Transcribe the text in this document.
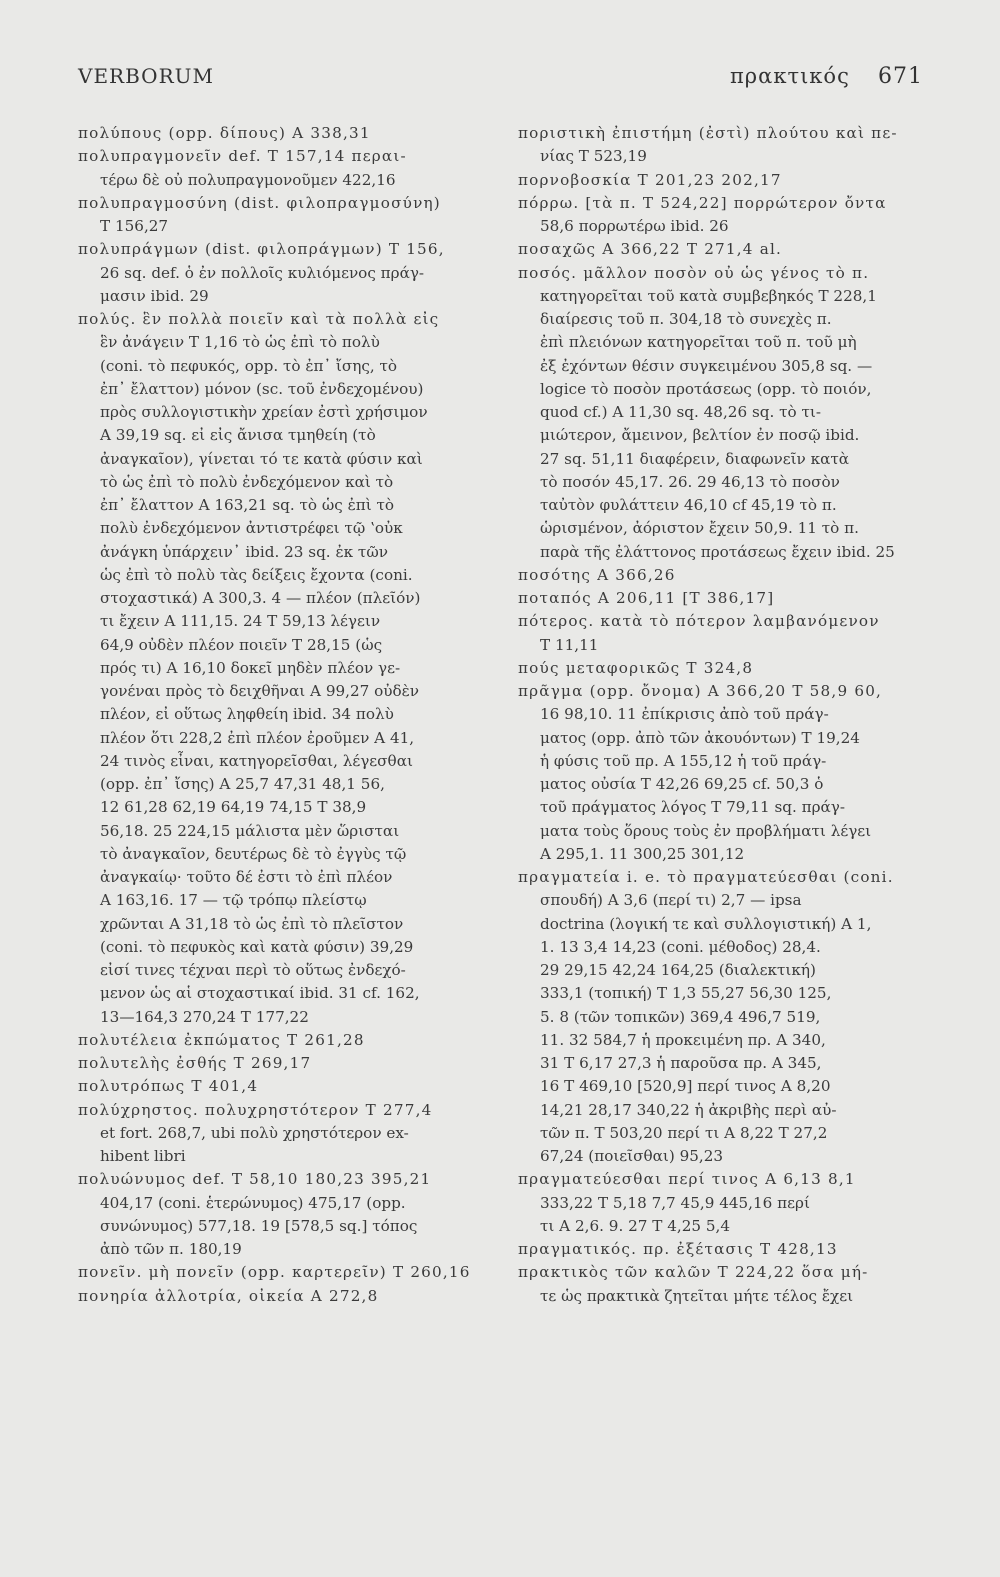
VERBORUM	πρακτικός 671
πολύπους (opp. δίπους) A 338,31
πολυπραγμονεῖν def. T 157,14 περαι-
τέρω δὲ οὐ πολυπραγμονοῦμεν 422,16
πολυπραγμοσύνη (dist. φιλοπραγμοσύνη)
T 156,27
πολυπράγμων (dist. φιλοπράγμων) T 156,
26 sq. def. ὁ ἐν πολλοῖς κυλιόμενος πράγ-
μασιν ibid. 29
πολύς. ἓν πολλὰ ποιεῖν καὶ τὰ πολλὰ εἰς
ἓν ἀνάγειν T 1,16 τὸ ὡς ἐπὶ τὸ πολὺ
(coni. τὸ πεφυκός, opp. τὸ ἐπ᾿ ἴσης, τὸ
ἐπ᾿ ἔλαττον) μόνον (sc. τοῦ ἐνδεχομένου)
πρὸς συλλογιστικὴν χρείαν ἐστὶ χρήσιμον
A 39,19 sq. εἰ εἰς ἄνισα τμηθείη (τὸ
ἀναγκαῖον), γίνεται τό τε κατὰ φύσιν καὶ
τὸ ὡς ἐπὶ τὸ πολὺ ἐνδεχόμενον καὶ τὸ
ἐπ᾿ ἔλαττον A 163,21 sq. τὸ ὡς ἐπὶ τὸ
πολὺ ἐνδεχόμενον ἀντιστρέφει τῷ ʽοὐκ
ἀνάγκη ὑπάρχειν᾿ ibid. 23 sq. ἐκ τῶν
ὡς ἐπὶ τὸ πολὺ τὰς δείξεις ἔχοντα (coni.
στοχαστικά) A 300,3. 4 — πλέον (πλεῖόν)
τι ἔχειν A 111,15. 24 T 59,13 λέγειν
64,9 οὐδὲν πλέον ποιεῖν T 28,15 (ὡς
πρός τι) A 16,10 δοκεῖ μηδὲν πλέον γε-
γονέναι πρὸς τὸ δειχθῆναι A 99,27 οὐδὲν
πλέον, εἰ οὕτως ληφθείη ibid. 34 πολὺ
πλέον ὅτι 228,2 ἐπὶ πλέον ἐροῦμεν A 41,
24 τινὸς εἶναι, κατηγορεῖσθαι, λέγεσθαι
(opp. ἐπ᾿ ἴσης) A 25,7 47,31 48,1 56,
12 61,28 62,19 64,19 74,15 T 38,9
56,18. 25 224,15 μάλιστα μὲν ὥρισται
τὸ ἀναγκαῖον, δευτέρως δὲ τὸ ἐγγὺς τῷ
ἀναγκαίῳ· τοῦτο δέ ἐστι τὸ ἐπὶ πλέον
A 163,16. 17 — τῷ τρόπῳ πλείστῳ
χρῶνται A 31,18 τὸ ὡς ἐπὶ τὸ πλεῖστον
(coni. τὸ πεφυκὸς καὶ κατὰ φύσιν) 39,29
εἰσί τινες τέχναι περὶ τὸ οὕτως ἐνδεχό-
μενον ὡς αἱ στοχαστικαί ibid. 31 cf. 162,
13—164,3 270,24 T 177,22
πολυτέλεια ἐκπώματος T 261,28
πολυτελὴς ἐσθής T 269,17
πολυτρόπως T 401,4
πολύχρηστος. πολυχρηστότερον T 277,4
et fort. 268,7, ubi πολὺ χρηστότερον ex-
hibent libri
πολυώνυμος def. T 58,10 180,23 395,21
404,17 (coni. ἑτερώνυμος) 475,17 (opp.
συνώνυμος) 577,18. 19 [578,5 sq.] τόπος
ἀπὸ τῶν π. 180,19
πονεῖν. μὴ πονεῖν (opp. καρτερεῖν) T 260,16
πονηρία ἀλλοτρία, οἰκεία A 272,8
ποριστικὴ ἐπιστήμη (ἐστὶ) πλούτου καὶ πε-
νίας T 523,19
πορνοβοσκία T 201,23 202,17
πόρρω. [τὰ π. T 524,22] πορρώτερον ὄντα
58,6 πορρωτέρω ibid. 26
ποσαχῶς A 366,22 T 271,4 al.
ποσός. μᾶλλον ποσὸν οὐ ὡς γένος τὸ π.
κατηγορεῖται τοῦ κατὰ συμβεβηκός T 228,1
διαίρεσις τοῦ π. 304,18 τὸ συνεχὲς π.
ἐπὶ πλειόνων κατηγορεῖται τοῦ π. τοῦ μὴ
ἐξ ἐχόντων θέσιν συγκειμένου 305,8 sq. —
logice τὸ ποσὸν προτάσεως (opp. τὸ ποιόν,
quod cf.) A 11,30 sq. 48,26 sq. τὸ τι-
μιώτερον, ἄμεινον, βελτίον ἐν ποσῷ ibid.
27 sq. 51,11 διαφέρειν, διαφωνεῖν κατὰ
τὸ ποσόν 45,17. 26. 29 46,13 τὸ ποσὸν
ταὐτὸν φυλάττειν 46,10 cf 45,19 τὸ π.
ὡρισμένον, ἀόριστον ἔχειν 50,9. 11 τὸ π.
παρὰ τῆς ἐλάττονος προτάσεως ἔχειν ibid. 25
ποσότης A 366,26
ποταπός A 206,11 [T 386,17]
πότερος. κατὰ τὸ πότερον λαμβανόμενον
T 11,11
πούς μεταφορικῶς T 324,8
πρᾶγμα (opp. ὄνομα) A 366,20 T 58,9 60,
16 98,10. 11 ἐπίκρισις ἀπὸ τοῦ πράγ-
ματος (opp. ἀπὸ τῶν ἀκουόντων) T 19,24
ἡ φύσις τοῦ πρ. A 155,12 ἡ τοῦ πράγ-
ματος οὐσία T 42,26 69,25 cf. 50,3 ὁ
τοῦ πράγματος λόγος T 79,11 sq. πράγ-
ματα τοὺς ὅρους τοὺς ἐν προβλήματι λέγει
A 295,1. 11 300,25 301,12
πραγματεία i. e. τὸ πραγματεύεσθαι (coni.
σπουδή) A 3,6 (περί τι) 2,7 — ipsa
doctrina (λογική τε καὶ συλλογιστική) A 1,
1. 13 3,4 14,23 (coni. μέθοδος) 28,4.
29 29,15 42,24 164,25 (διαλεκτική)
333,1 (τοπική) T 1,3 55,27 56,30 125,
5. 8 (τῶν τοπικῶν) 369,4 496,7 519,
11. 32 584,7 ἡ προκειμένη πρ. A 340,
31 T 6,17 27,3 ἡ παροῦσα πρ. A 345,
16 T 469,10 [520,9] περί τινος A 8,20
14,21 28,17 340,22 ἡ ἀκριβὴς περὶ αὐ-
τῶν π. T 503,20 περί τι A 8,22 T 27,2
67,24 (ποιεῖσθαι) 95,23
πραγματεύεσθαι περί τινος A 6,13 8,1
333,22 T 5,18 7,7 45,9 445,16 περί
τι A 2,6. 9. 27 T 4,25 5,4
πραγματικός. πρ. ἐξέτασις T 428,13
πρακτικὸς τῶν καλῶν T 224,22 ὅσα μή-
τε ὡς πρακτικὰ ζητεῖται μήτε τέλος ἔχει
